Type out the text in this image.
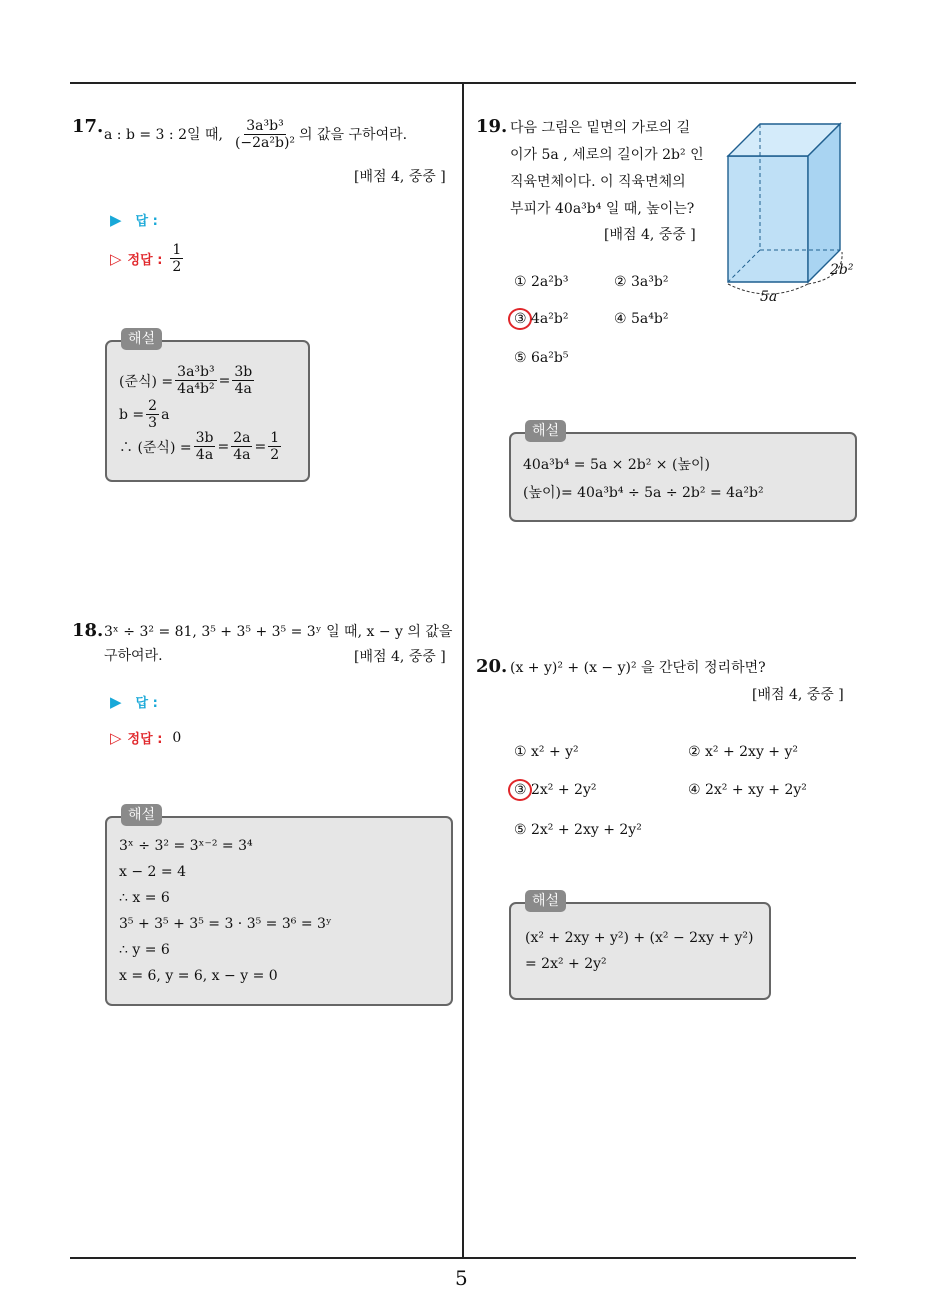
5
17. a : b = 3 : 2일 때, $\frac{\text{3a³b³}}{\text{(−2a²b)²}}$ 의 값을 구하여라.
[배점 4, 중중 ]
▶ 답 :
▷ 정답 : $\frac{1}{2}$
해설
(준식) = $\frac{\text{3a³b³}}{\text{4a⁴b²}} = \frac{3b}{4a}$
$b = \frac{2}{3}$ a
∴ (준식) = $\frac{3b}{4a} = \frac{2a}{4a} = \frac{1}{2}$
18. 3ˣ ÷ 3² = 81, 3⁵ + 3⁵ + 3⁵ = 3ʸ 일 때, x − y 의 값을
구하여라.	[배점 4, 중중 ]
▶ 답 :
▷ 정답 : 0
해설
3ˣ ÷ 3² = 3ˣ⁻² = 3⁴
x − 2 = 4
∴ x = 6
3⁵ + 3⁵ + 3⁵ = 3 · 3⁵ = 3⁶ = 3ʸ
∴ y = 6
x = 6, y = 6, x − y = 0
19. 다음 그림은 밑면의 가로의 길
이가 5a , 세로의 길이가 2b² 인
직육면체이다. 이 직육면체의
부피가 40a³b⁴ 일 때, 높이는?
[배점 4, 중중 ]
5a
2b²
① 2a²b³	② 3a³b²
③ 4a²b²	④ 5a⁴b²
⑤ 6a²b⁵
해설
40a³b⁴ = 5a × 2b² × (높이)
(높이)= 40a³b⁴ ÷ 5a ÷ 2b² = 4a²b²
20. (x + y)² + (x − y)² 을 간단히 정리하면?
[배점 4, 중중 ]
① x² + y²	② x² + 2xy + y²
③ 2x² + 2y²	④ 2x² + xy + 2y²
⑤ 2x² + 2xy + 2y²
해설
(x² + 2xy + y²) + (x² − 2xy + y²)
= 2x² + 2y²
